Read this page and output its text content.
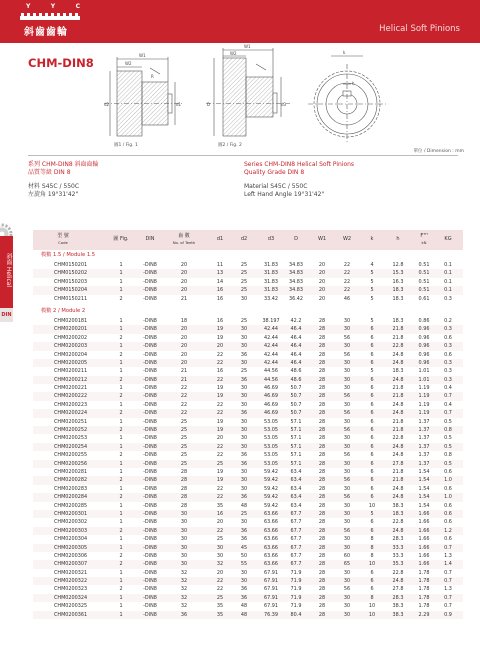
Y	Y	C
斜齒齒輪	Helical Soft Pinions
CHM-DIN8
W1
W2
R
d2	d1
W1
W2
D	d3
k
h
圖1 / Fig. 1	圖2 / Fig. 2
單位 / Dimension : mm
系列 CHM-DIN8 斜齒齒輪
品質等級 DIN 8
Series CHM-DIN8 Helical Soft Pinions
Quality Grade DIN 8
材料 S45C / 550C
左旋角 19°31'42"
Material S45C / 550C
Left Hand Angle 19°31'42"
斜齒 Helical
DIN
型 號
Code
圖 Fig.	DIN	齒 數
No. of Teeth
d1	d2	d3	D	W1	W2	k	h	Fᵀᴴ
kN
KG
模數 1.5 / Module 1.5
CHM0150201	1	-DIN8	20	11	25	31.83 34.83	20	22	4	12.8	0.51	0.1
CHM0150202	1	-DIN8	20	13	25	31.83 34.83	20	22	5	15.3	0.51	0.1
CHM0150203	1	-DIN8	20	14	25	31.83 34.83	20	22	5	16.3	0.51	0.1
CHM0150204	1	-DIN8	20	16	25	31.83 34.83	20	22	5	18.3	0.51	0.1
CHM0150211	2	-DIN8	21	16	30	33.42 36.42	20	46	5	18.3	0.61	0.3
模數 2 / Module 2
CHM0200181	1	-DIN8	18	16	25	38.197 42.2	28	30	5	18.3	0.86	0.2
CHM0200201	1	-DIN8	20	19	30	42.44	46.4	28	30	6	21.8	0.96	0.3
CHM0200202	2	-DIN8	20	19	30	42.44	46.4	28	56	6	21.8	0.96	0.6
CHM0200203	1	-DIN8	20	20	30	42.44	46.4	28	30	6	22.8	0.96	0.3
CHM0200204	2	-DIN8	20	22	36	42.44	46.4	28	56	6	24.8	0.96	0.6
CHM0200205	1	-DIN8	20	22	30	42.44	46.4	28	30	6	24.8	0.96	0.3
CHM0200211	1	-DIN8	21	16	25	44.56	48.6	28	30	5	18.3	1.01	0.3
CHM0200212	2	-DIN8	21	22	36	44.56	48.6	28	30	6	24.8	1.01	0.3
CHM0200221	1	-DIN8	22	19	30	46.69	50.7	28	30	6	21.8	1.19	0.4
CHM0200222	2	-DIN8	22	19	30	46.69	50.7	28	56	6	21.8	1.19	0.7
CHM0200223	1	-DIN8	22	22	30	46.69	50.7	28	30	6	24.8	1.19	0.4
CHM0200224	2	-DIN8	22	22	36	46.69	50.7	28	56	6	24.8	1.19	0.7
CHM0200251	1	-DIN8	25	19	30	53.05	57.1	28	30	6	21.8	1.37	0.5
CHM0200252	2	-DIN8	25	19	30	53.05	57.1	28	56	6	21.8	1.37	0.8
CHM0200253	1	-DIN8	25	20	30	53.05	57.1	28	30	6	22.8	1.37	0.5
CHM0200254	1	-DIN8	25	22	30	53.05	57.1	28	30	6	24.8	1.37	0.5
CHM0200255	2	-DIN8	25	22	36	53.05	57.1	28	56	6	24.8	1.37	0.8
CHM0200256	1	-DIN8	25	25	36	53.05	57.1	28	30	6	27.8	1.37	0.5
CHM0200281	1	-DIN8	28	19	30	59.42	63.4	28	30	6	21.8	1.54	0.6
CHM0200282	2	-DIN8	28	19	30	59.42	63.4	28	56	6	21.8	1.54	1.0
CHM0200283	1	-DIN8	28	22	30	59.42	63.4	28	30	6	24.8	1.54	0.6
CHM0200284	2	-DIN8	28	22	36	59.42	63.4	28	56	6	24.8	1.54	1.0
CHM0200285	1	-DIN8	28	35	48	59.42	63.4	28	30	10	38.3	1.54	0.6
CHM0200301	1	-DIN8	30	16	25	63.66	67.7	28	30	5	18.3	1.66	0.6
CHM0200302	1	-DIN8	30	20	30	63.66	67.7	28	30	6	22.8	1.66	0.6
CHM0200303	2	-DIN8	30	22	36	63.66	67.7	28	56	6	24.8	1.66	1.2
CHM0200304	1	-DIN8	30	25	36	63.66	67.7	28	30	8	28.3	1.66	0.6
CHM0200305	1	-DIN8	30	30	45	63.66	67.7	28	30	8	33.3	1.66	0.7
CHM0200306	2	-DIN8	30	30	50	63.66	67.7	28	60	8	33.3	1.66	1.3
CHM0200307	2	-DIN8	30	32	55	63.66	67.7	28	65	10	35.3	1.66	1.4
CHM0200321	1	-DIN8	32	20	30	67.91	71.9	28	30	6	22.8	1.78	0.7
CHM0200322	1	-DIN8	32	22	30	67.91	71.9	28	30	6	24.8	1.78	0.7
CHM0200323	2	-DIN8	32	22	36	67.91	71.9	28	56	6	27.8	1.78	1.3
CHM0200324	1	-DIN8	32	25	36	67.91	71.9	28	30	8	28.3	1.78	0.7
CHM0200325	1	-DIN8	32	35	48	67.91	71.9	28	30	10	38.3	1.78	0.7
CHM0200361	1	-DIN8	36	35	48	76.39	80.4	28	30	10	38.3	2.29	0.9
